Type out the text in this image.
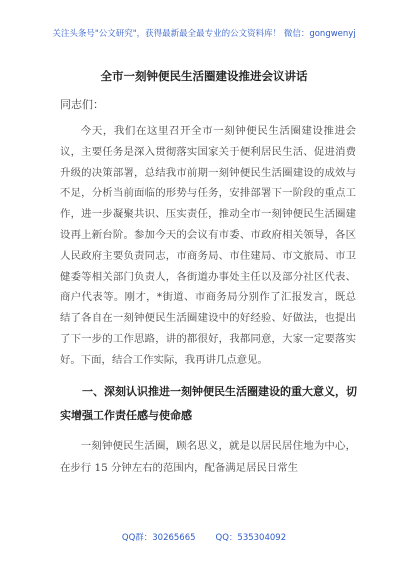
关注头条号"公文研究"，获得最新最全最专业的公文资料库！ 微信：gongwenyj
全市一刻钟便民生活圈建设推进会议讲话
同志们：

今天，我们在这里召开全市一刻钟便民生活圈建设推进会议，主要任务是深入贯彻落实国家关于便利居民生活、促进消费升级的决策部署，总结我市前期一刻钟便民生活圈建设的成效与不足，分析当前面临的形势与任务，安排部署下一阶段的重点工作，进一步凝聚共识、压实责任，推动全市一刻钟便民生活圈建设再上新台阶。参加今天的会议有市委、市政府相关领导，各区人民政府主要负责同志，市商务局、市住建局、市文旅局、市卫健委等相关部门负责人，各街道办事处主任以及部分社区代表、商户代表等。刚才，*街道、市商务局分别作了汇报发言，既总结了各自在一刻钟便民生活圈建设中的好经验、好做法，也提出了下一步的工作思路，讲的都很好，我都同意，大家一定要落实好。下面，结合工作实际，我再讲几点意见。

一、深刻认识推进一刻钟便民生活圈建设的重大意义，切实增强工作责任感与使命感

一刻钟便民生活圈，顾名思义，就是以居民居住地为中心，在步行 15 分钟左右的范围内，配备满足居民日常生

QQ群：30265665 QQ：535304092
